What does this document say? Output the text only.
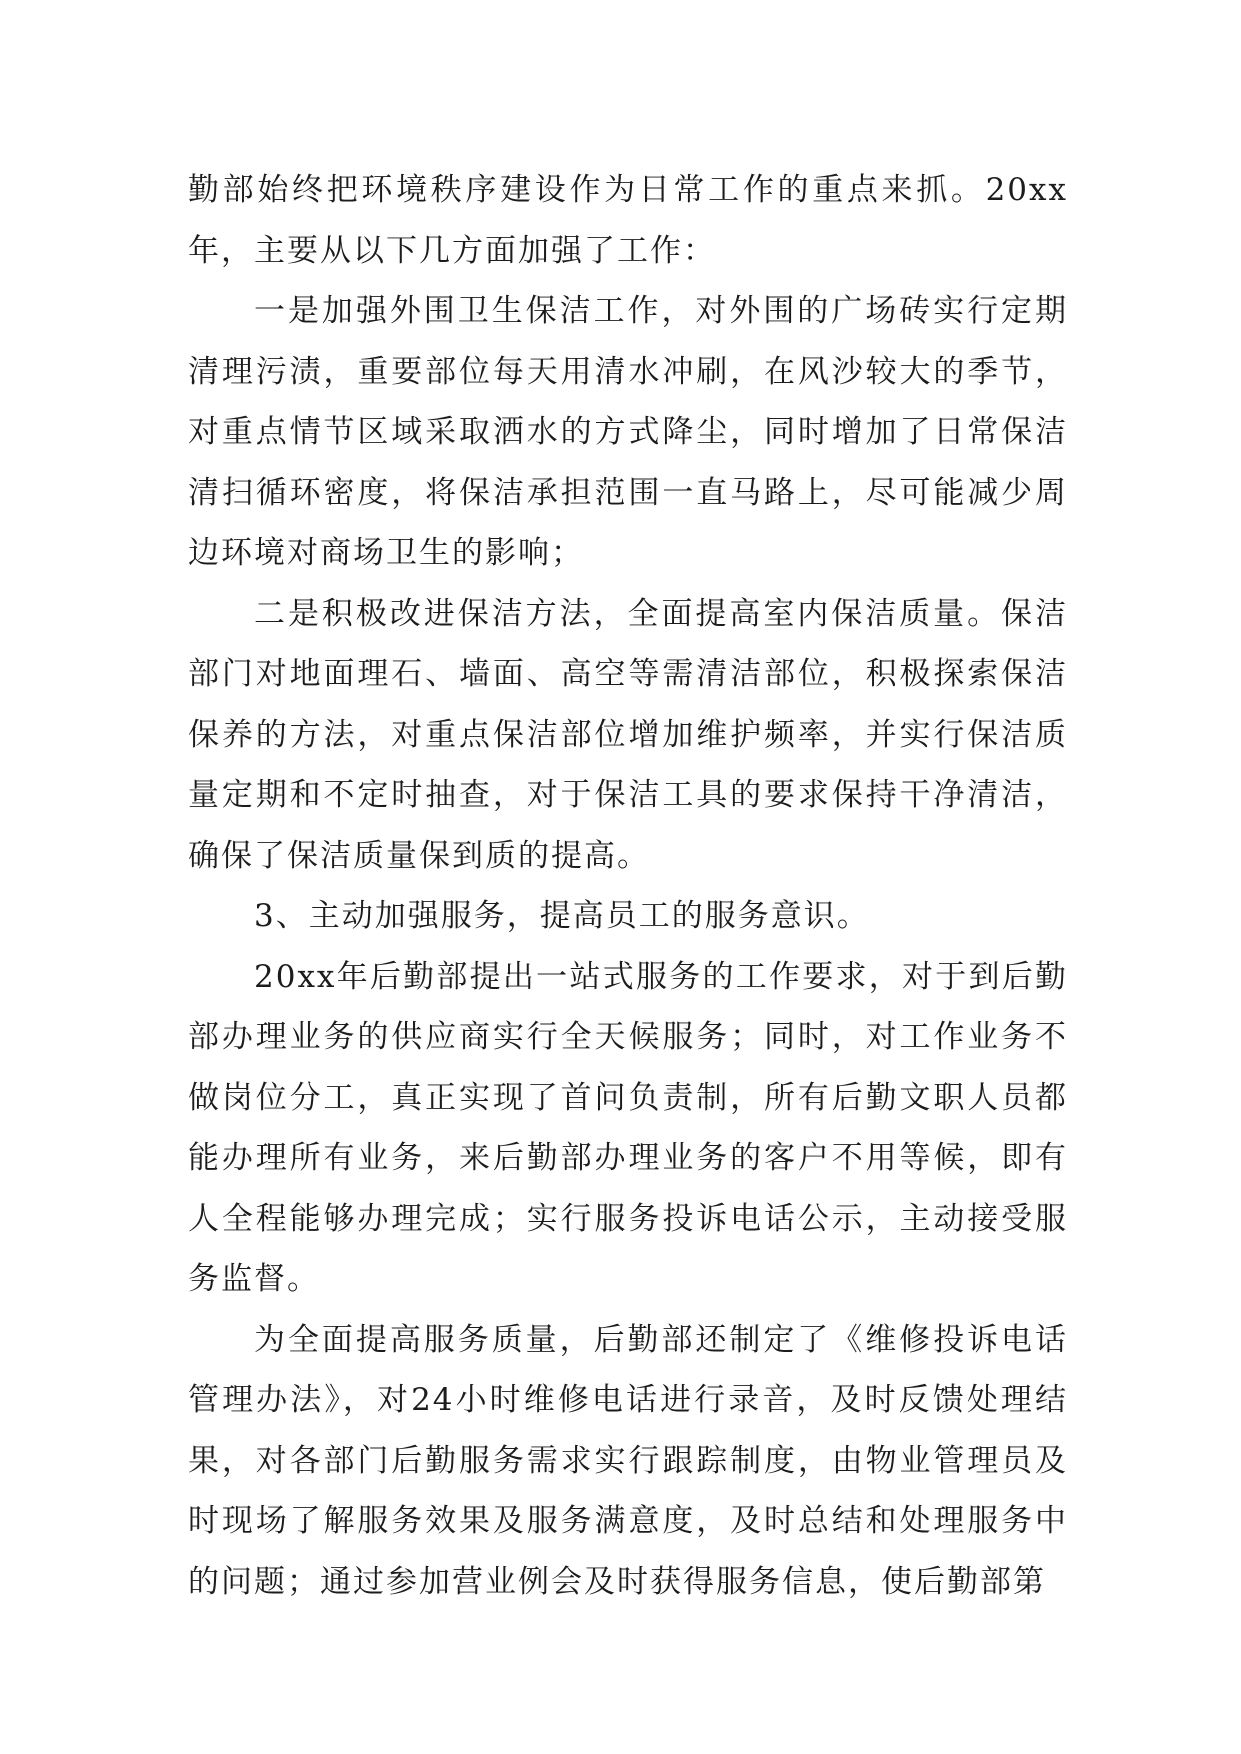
勤部始终把环境秩序建设作为日常工作的重点来抓。20xx年，主要从以下几方面加强了工作：

一是加强外围卫生保洁工作，对外围的广场砖实行定期清理污渍，重要部位每天用清水冲刷，在风沙较大的季节，对重点情节区域采取洒水的方式降尘，同时增加了日常保洁清扫循环密度，将保洁承担范围一直马路上，尽可能减少周边环境对商场卫生的影响；

二是积极改进保洁方法，全面提高室内保洁质量。保洁部门对地面理石、墙面、高空等需清洁部位，积极探索保洁保养的方法，对重点保洁部位增加维护频率，并实行保洁质量定期和不定时抽查，对于保洁工具的要求保持干净清洁，确保了保洁质量保到质的提高。

3、主动加强服务，提高员工的服务意识。

20xx年后勤部提出一站式服务的工作要求，对于到后勤部办理业务的供应商实行全天候服务；同时，对工作业务不做岗位分工，真正实现了首问负责制，所有后勤文职人员都能办理所有业务，来后勤部办理业务的客户不用等候，即有人全程能够办理完成；实行服务投诉电话公示，主动接受服务监督。

为全面提高服务质量，后勤部还制定了《维修投诉电话管理办法》，对24小时维修电话进行录音，及时反馈处理结果，对各部门后勤服务需求实行跟踪制度，由物业管理员及时现场了解服务效果及服务满意度，及时总结和处理服务中的问题；通过参加营业例会及时获得服务信息，使后勤部第
